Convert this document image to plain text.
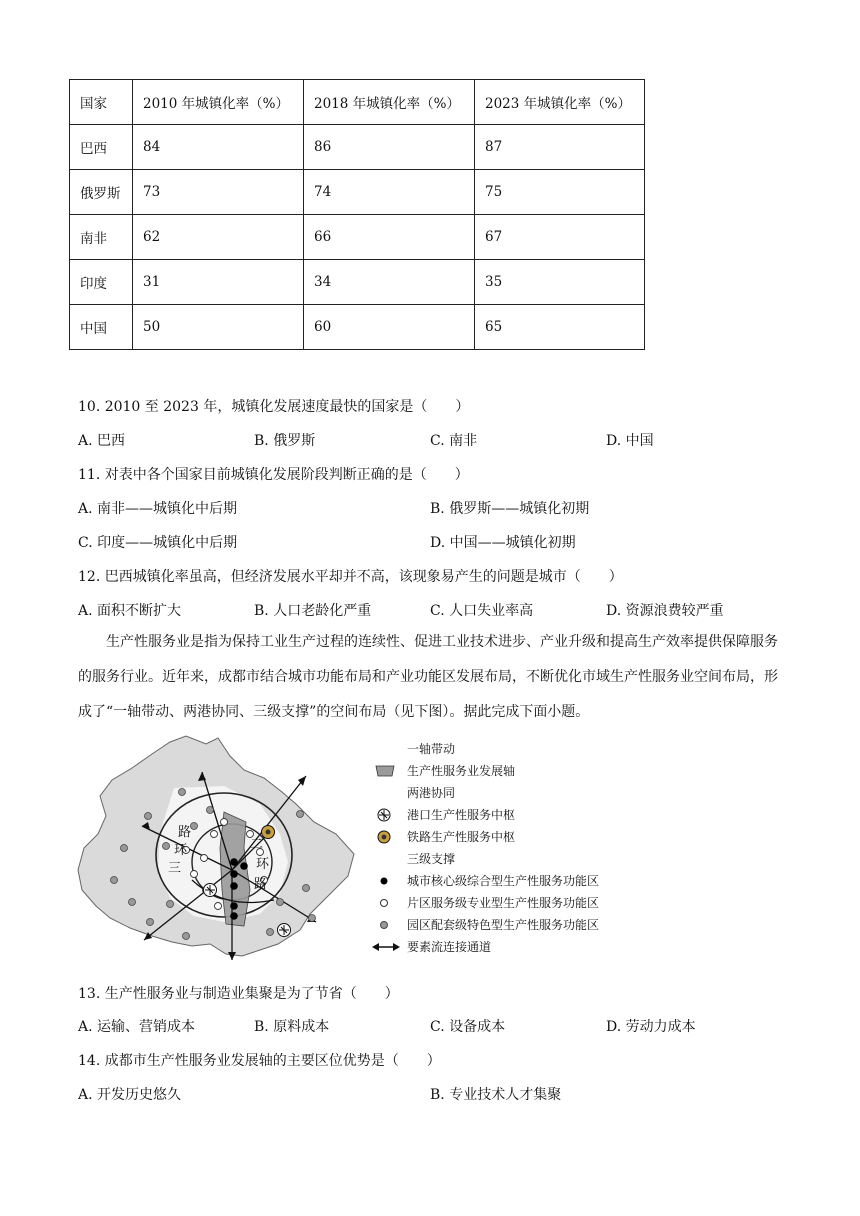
国家	2010 年城镇化率（%）	2018 年城镇化率（%）	2023 年城镇化率（%）
巴西	84	86	87
俄罗斯	73	74	75
南非	62	66	67
印度	31	34	35
中国	50	60	65
10. 2010 至 2023 年，城镇化发展速度最快的国家是（　　）
A. 巴西	B. 俄罗斯	C. 南非	D. 中国
11. 对表中各个国家目前城镇化发展阶段判断正确的是（　　）
A. 南非——城镇化中后期	B. 俄罗斯——城镇化初期
C. 印度——城镇化中后期	D. 中国——城镇化初期
12. 巴西城镇化率虽高，但经济发展水平却并不高，该现象易产生的问题是城市（　　）
A. 面积不断扩大	B. 人口老龄化严重	C. 人口失业率高	D. 资源浪费较严重

生产性服务业是指为保持工业生产过程的连续性、促进工业技术进步、产业升级和提高生产效率提供保障服务的服务行业。近年来，成都市结合城市功能布局和产业功能区发展布局，不断优化市域生产性服务业空间布局，形成了“一轴带动、两港协同、三级支撑”的空间布局（见下图）。据此完成下面小题。

路
环
三
二
环
路
一轴带动
生产性服务业发展轴
两港协同
港口生产性服务中枢
铁路生产性服务中枢
三级支撑
城市核心级综合型生产性服务功能区
片区服务级专业型生产性服务功能区
园区配套级特色型生产性服务功能区
要素流连接通道
13. 生产性服务业与制造业集聚是为了节省（　　）
A. 运输、营销成本	B. 原料成本	C. 设备成本	D. 劳动力成本
14. 成都市生产性服务业发展轴的主要区位优势是（　　）
A. 开发历史悠久	B. 专业技术人才集聚
